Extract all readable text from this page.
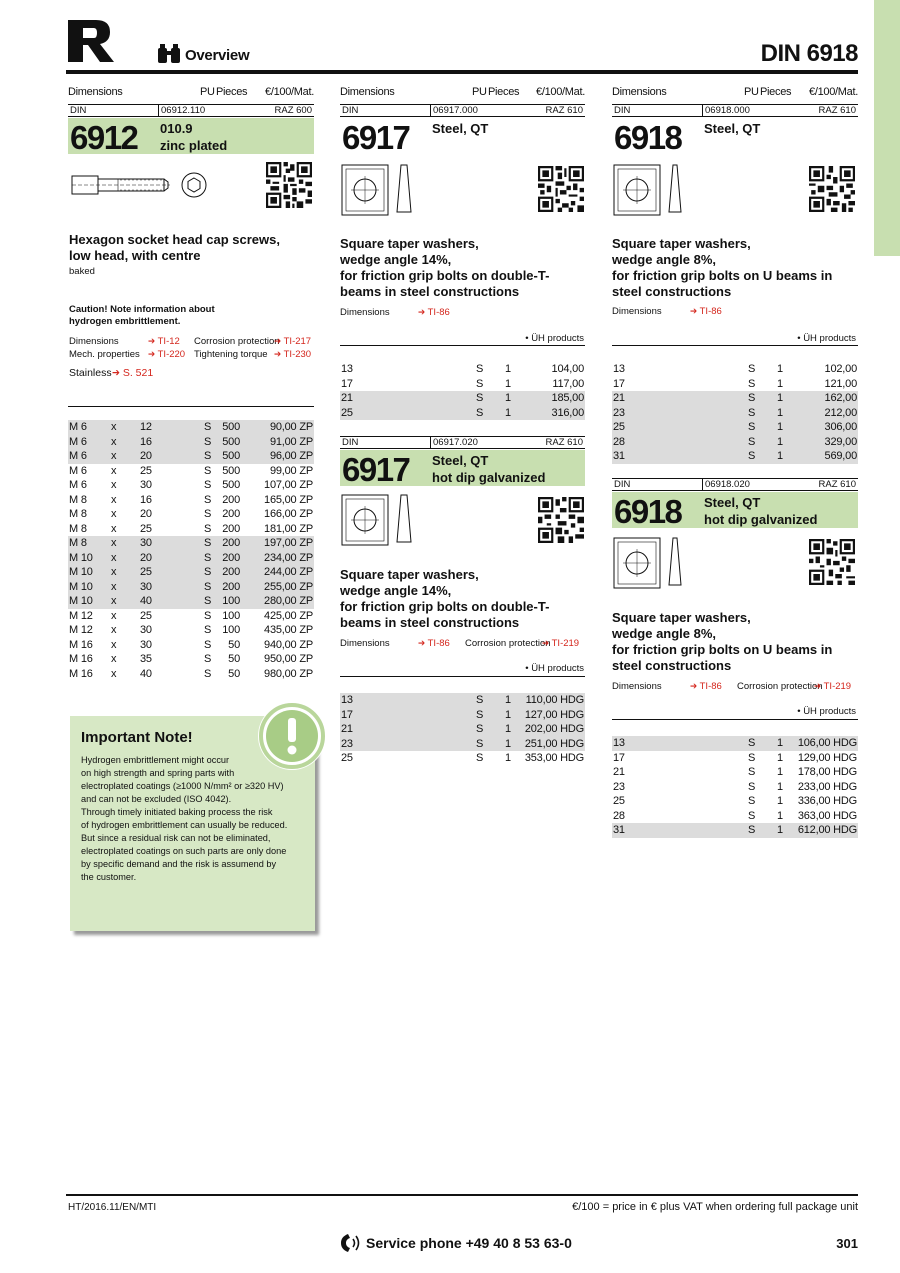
Overview	DIN 6918
Dimensions	PU Pieces €/100/Mat. Dimensions	PU Pieces €/100/Mat. Dimensions	PU Pieces €/100/Mat.
DIN	06912.110	RAZ 600
6912 010.9
zinc plated
Hexagon socket head cap screws,
low head, with centre
baked
Caution! Note information about
hydrogen embrittlement.
Dimensions	➔ TI-12 Corrosion protection
➔ TI-217
Mech. properties ➔ TI-220 Tightening torque ➔ TI-230
Stainless ➔ S. 521
M 6 x 12	S 500	90,00 ZP
M 6 x 16	S 500	91,00 ZP
M 6 x 20	S 500	96,00 ZP
M 6 x 25	S 500	99,00 ZP
M 6 x 30	S 500 107,00 ZP
M 8 x 16	S 200 165,00 ZP
M 8 x 20	S 200 166,00 ZP
M 8 x 25	S 200 181,00 ZP
M 8 x 30	S 200 197,00 ZP
M 10 x 20	S 200 234,00 ZP
M 10 x 25	S 200 244,00 ZP
M 10 x 30	S 200 255,00 ZP
M 10 x 40	S 100 280,00 ZP
M 12 x 25	S 100 425,00 ZP
M 12 x 30	S 100 435,00 ZP
M 16 x 30	S 50 940,00 ZP
M 16 x 35	S 50 950,00 ZP
M 16 x 40	S 50 980,00 ZP
Important Note!
Hydrogen embrittlement might occur
on high strength and spring parts with
electroplated coatings (≥1000 N/mm² or ≥320 HV)
and can not be excluded (ISO 4042).
Through timely initiated baking process the risk
of hydrogen embrittlement can usually be reduced.
But since a residual risk can not be eliminated,
electroplated coatings on such parts are only done
by specific demand and the risk is assumend by
the customer.
DIN	06917.000	RAZ 610
6917 Steel, QT
Square taper washers,
wedge angle 14%,
for friction grip bolts on double-T-
beams in steel constructions
Dimensions	➔ TI-86
• ÜH products
13	S 1	104,00
17	S 1	117,00
21	S 1	185,00
25	S 1	316,00
DIN	06917.020	RAZ 610
6917 Steel, QT
hot dip galvanized
Square taper washers,
wedge angle 14%,
for friction grip bolts on double-T-
beams in steel constructions
Dimensions	➔ TI-86 Corrosion protection
➔ TI-219
• ÜH products
13	S 1 110,00 HDG
17	S 1 127,00 HDG
21	S 1 202,00 HDG
23	S 1 251,00 HDG
25	S 1 353,00 HDG
DIN	06918.000	RAZ 610
6918 Steel, QT
Square taper washers,
wedge angle 8%,
for friction grip bolts on U beams in
steel constructions
Dimensions	➔ TI-86
• ÜH products
13	S 1	102,00
17	S 1	121,00
21	S 1	162,00
23	S 1	212,00
25	S 1	306,00
28	S 1	329,00
31	S 1	569,00
DIN	06918.020	RAZ 610
6918 Steel, QT
hot dip galvanized
Square taper washers,
wedge angle 8%,
for friction grip bolts on U beams in
steel constructions
Dimensions	➔ TI-86 Corrosion protection
➔ TI-219
• ÜH products
13	S 1 106,00 HDG
17	S 1 129,00 HDG
21	S 1 178,00 HDG
23	S 1 233,00 HDG
25	S 1 336,00 HDG
28	S 1 363,00 HDG
31	S 1 612,00 HDG
HT/2016.11/EN/MTI	€/100 = price in € plus VAT when ordering full package unit
Service phone +49 40 8 53 63-0	301
